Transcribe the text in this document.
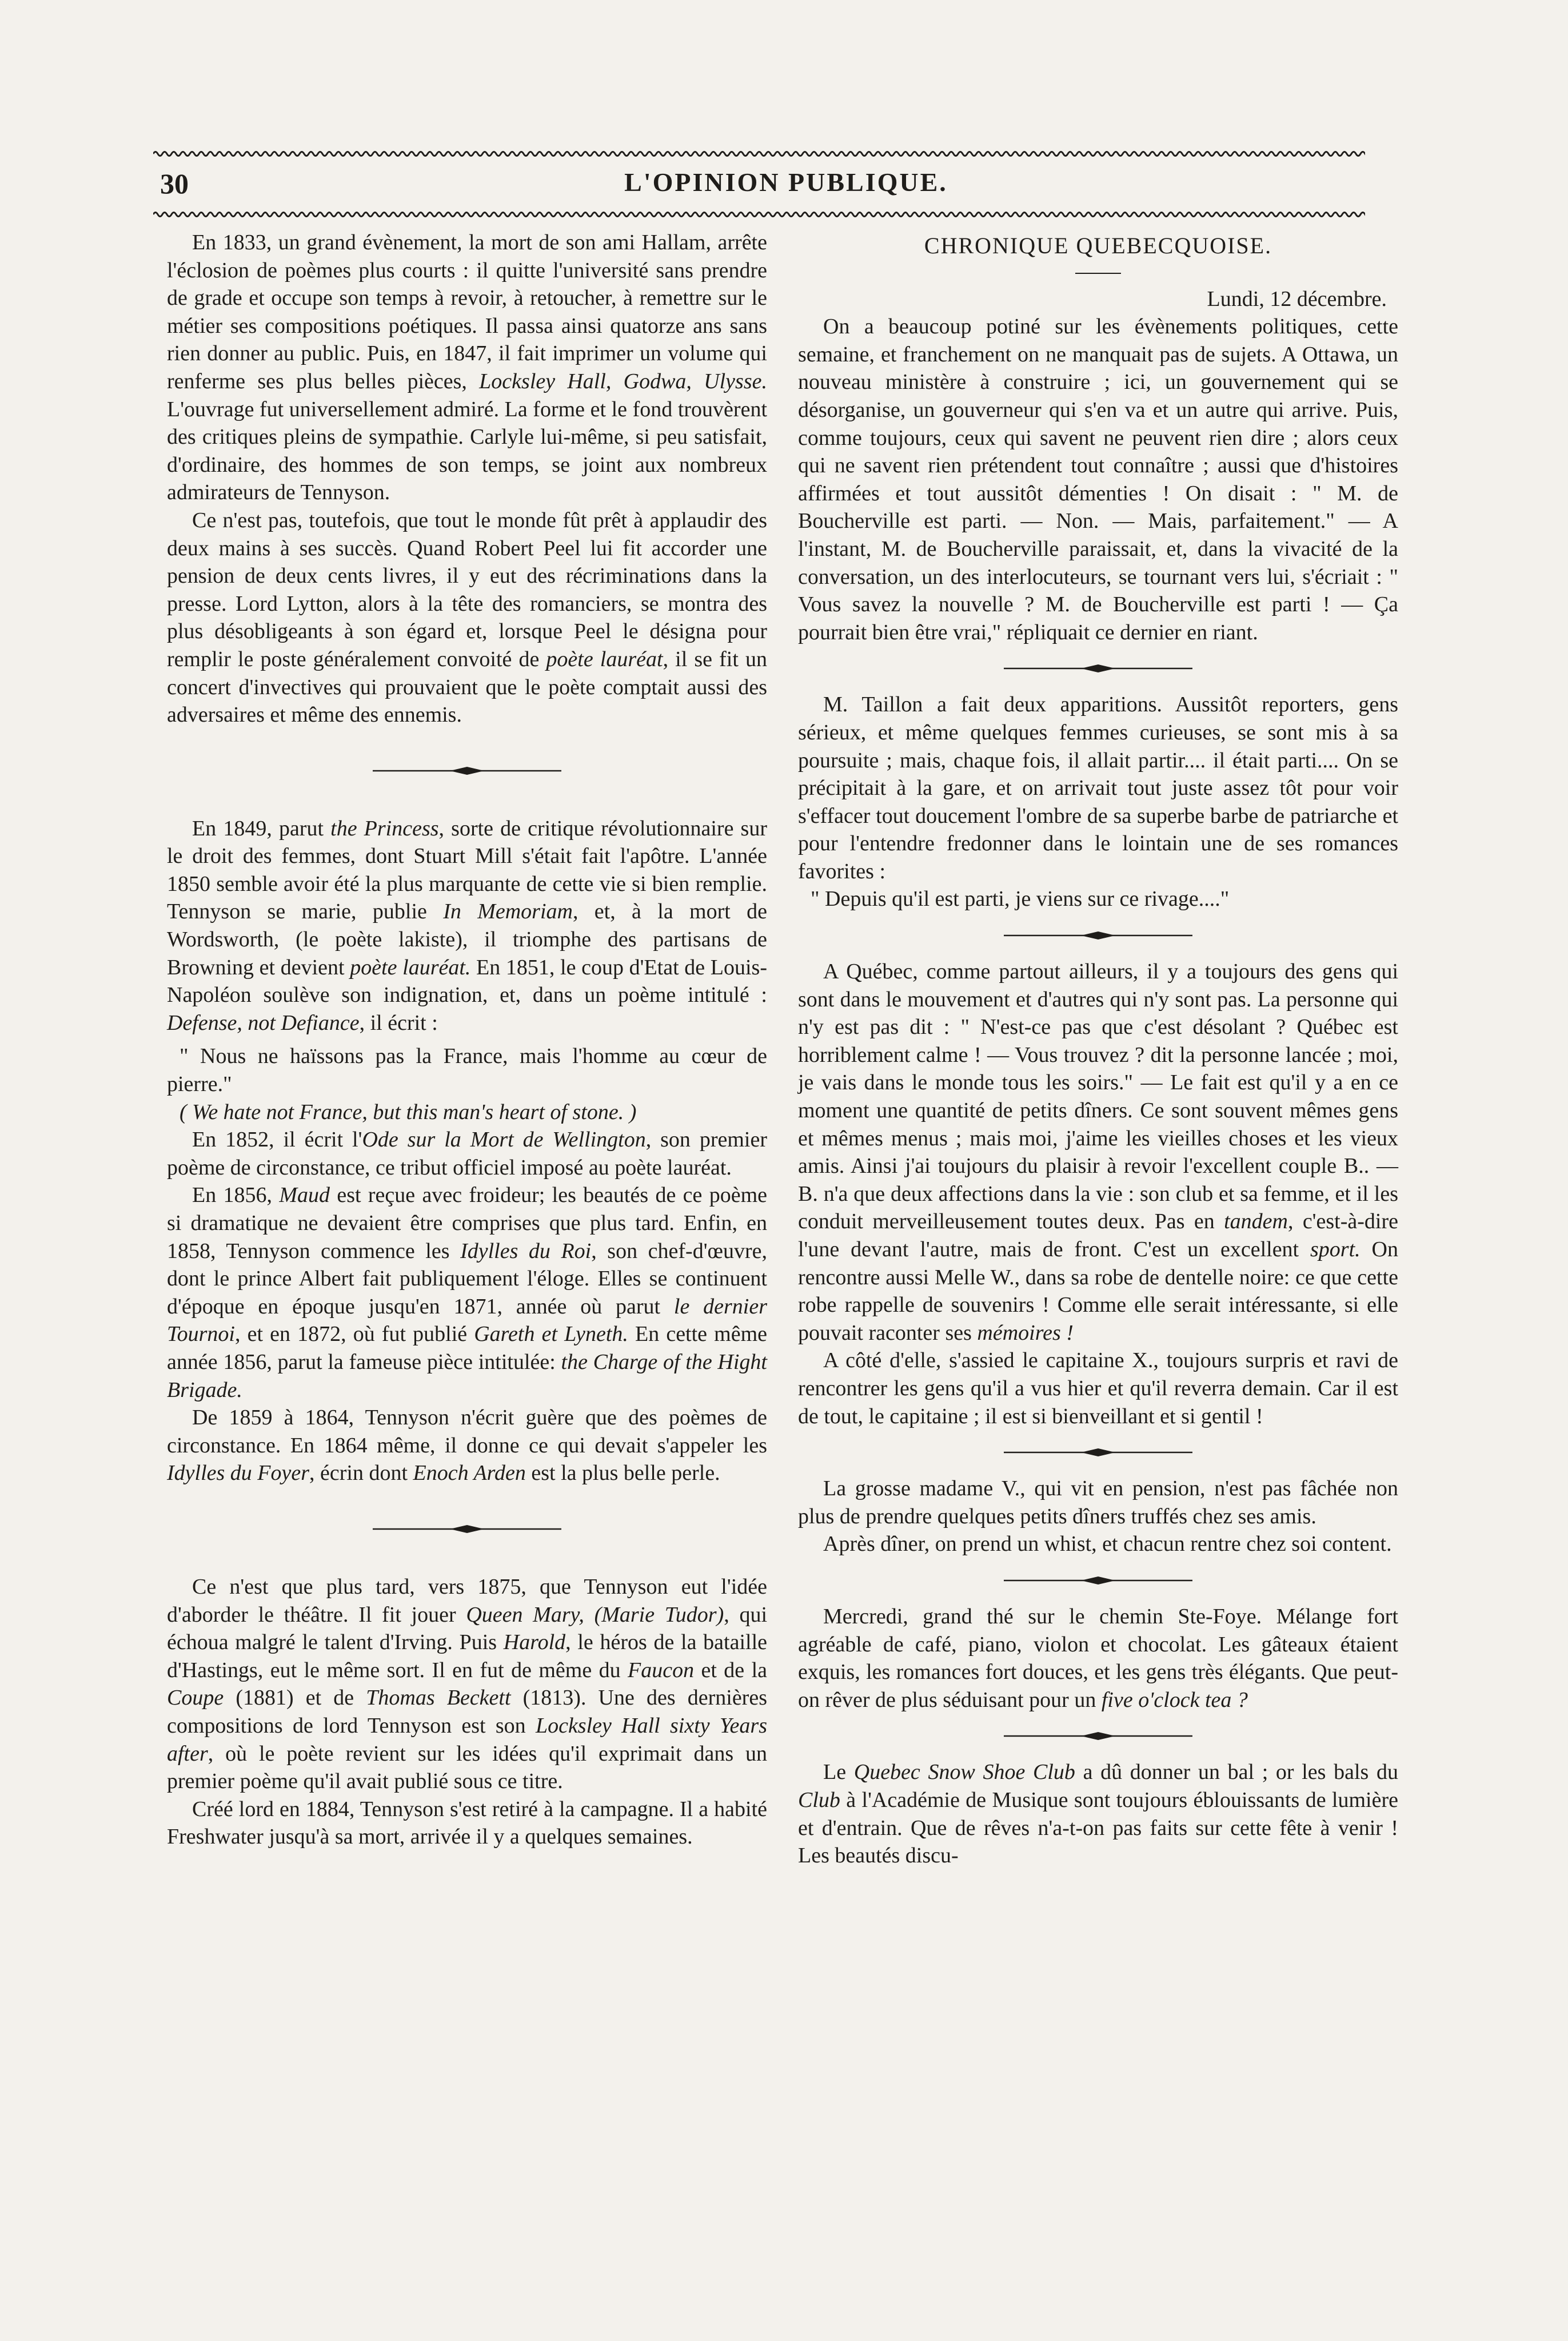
30	L'OPINION PUBLIQUE.

En 1833, un grand évènement, la mort de son ami Hallam, arrête l'éclosion de poèmes plus courts : il quitte l'université sans prendre de grade et occupe son temps à revoir, à retoucher, à remettre sur le métier ses compositions poétiques. Il passa ainsi quatorze ans sans rien donner au public. Puis, en 1847, il fait imprimer un volume qui renferme ses plus belles pièces, Locksley Hall, Godwa, Ulysse. L'ouvrage fut universellement admiré. La forme et le fond trouvèrent des critiques pleins de sympathie. Carlyle lui-même, si peu satisfait, d'ordinaire, des hommes de son temps, se joint aux nombreux admirateurs de Tennyson.

Ce n'est pas, toutefois, que tout le monde fût prêt à applaudir des deux mains à ses succès. Quand Robert Peel lui fit accorder une pension de deux cents livres, il y eut des récriminations dans la presse. Lord Lytton, alors à la tête des romanciers, se montra des plus désobligeants à son égard et, lorsque Peel le désigna pour remplir le poste généralement convoité de poète lauréat, il se fit un concert d'invectives qui prouvaient que le poète comptait aussi des adversaires et même des ennemis.

En 1849, parut the Princess, sorte de critique révolutionnaire sur le droit des femmes, dont Stuart Mill s'était fait l'apôtre. L'année 1850 semble avoir été la plus marquante de cette vie si bien remplie. Tennyson se marie, publie In Memoriam, et, à la mort de Wordsworth, (le poète lakiste), il triomphe des partisans de Browning et devient poète lauréat. En 1851, le coup d'Etat de Louis-Napoléon soulève son indignation, et, dans un poème intitulé : Defense, not Defiance, il écrit :

" Nous ne haïssons pas la France, mais l'homme au cœur de pierre."

( We hate not France, but this man's heart of stone. )

En 1852, il écrit l'Ode sur la Mort de Wellington, son premier poème de circonstance, ce tribut officiel imposé au poète lauréat.

En 1856, Maud est reçue avec froideur; les beautés de ce poème si dramatique ne devaient être comprises que plus tard. Enfin, en 1858, Tennyson commence les Idylles du Roi, son chef-d'œuvre, dont le prince Albert fait publiquement l'éloge. Elles se continuent d'époque en époque jusqu'en 1871, année où parut le dernier Tournoi, et en 1872, où fut publié Gareth et Lyneth. En cette même année 1856, parut la fameuse pièce intitulée: the Charge of the Hight Brigade.

De 1859 à 1864, Tennyson n'écrit guère que des poèmes de circonstance. En 1864 même, il donne ce qui devait s'appeler les Idylles du Foyer, écrin dont Enoch Arden est la plus belle perle.

Ce n'est que plus tard, vers 1875, que Tennyson eut l'idée d'aborder le théâtre. Il fit jouer Queen Mary, (Marie Tudor), qui échoua malgré le talent d'Irving. Puis Harold, le héros de la bataille d'Hastings, eut le même sort. Il en fut de même du Faucon et de la Coupe (1881) et de Thomas Beckett (1813). Une des dernières compositions de lord Tennyson est son Locksley Hall sixty Years after, où le poète revient sur les idées qu'il exprimait dans un premier poème qu'il avait publié sous ce titre.

Créé lord en 1884, Tennyson s'est retiré à la campagne. Il a habité Freshwater jusqu'à sa mort, arrivée il y a quelques semaines.

CHRONIQUE QUEBECQUOISE.

Lundi, 12 décembre.

On a beaucoup potiné sur les évènements politiques, cette semaine, et franchement on ne manquait pas de sujets. A Ottawa, un nouveau ministère à construire ; ici, un gouvernement qui se désorganise, un gouverneur qui s'en va et un autre qui arrive. Puis, comme toujours, ceux qui savent ne peuvent rien dire ; alors ceux qui ne savent rien prétendent tout connaître ; aussi que d'histoires affirmées et tout aussitôt démenties ! On disait : " M. de Boucherville est parti. — Non. — Mais, parfaitement." — A l'instant, M. de Boucherville paraissait, et, dans la vivacité de la conversation, un des interlocuteurs, se tournant vers lui, s'écriait : " Vous savez la nouvelle ? M. de Boucherville est parti ! — Ça pourrait bien être vrai," répliquait ce dernier en riant.

M. Taillon a fait deux apparitions. Aussitôt reporters, gens sérieux, et même quelques femmes curieuses, se sont mis à sa poursuite ; mais, chaque fois, il allait partir.... il était parti.... On se précipitait à la gare, et on arrivait tout juste assez tôt pour voir s'effacer tout doucement l'ombre de sa superbe barbe de patriarche et pour l'entendre fredonner dans le lointain une de ses romances favorites :

" Depuis qu'il est parti, je viens sur ce rivage...."

A Québec, comme partout ailleurs, il y a toujours des gens qui sont dans le mouvement et d'autres qui n'y sont pas. La personne qui n'y est pas dit : " N'est-ce pas que c'est désolant ? Québec est horriblement calme ! — Vous trouvez ? dit la personne lancée ; moi, je vais dans le monde tous les soirs." — Le fait est qu'il y a en ce moment une quantité de petits dîners. Ce sont souvent mêmes gens et mêmes menus ; mais moi, j'aime les vieilles choses et les vieux amis. Ainsi j'ai toujours du plaisir à revoir l'excellent couple B.. — B. n'a que deux affections dans la vie : son club et sa femme, et il les conduit merveilleusement toutes deux. Pas en tandem, c'est-à-dire l'une devant l'autre, mais de front. C'est un excellent sport. On rencontre aussi Melle W., dans sa robe de dentelle noire: ce que cette robe rappelle de souvenirs ! Comme elle serait intéressante, si elle pouvait raconter ses mémoires !

A côté d'elle, s'assied le capitaine X., toujours surpris et ravi de rencontrer les gens qu'il a vus hier et qu'il reverra demain. Car il est de tout, le capitaine ; il est si bienveillant et si gentil !

La grosse madame V., qui vit en pension, n'est pas fâchée non plus de prendre quelques petits dîners truffés chez ses amis.

Après dîner, on prend un whist, et chacun rentre chez soi content.

Mercredi, grand thé sur le chemin Ste-Foye. Mélange fort agréable de café, piano, violon et chocolat. Les gâteaux étaient exquis, les romances fort douces, et les gens très élégants. Que peut-on rêver de plus séduisant pour un five o'clock tea ?

Le Quebec Snow Shoe Club a dû donner un bal ; or les bals du Club à l'Académie de Musique sont toujours éblouissants de lumière et d'entrain. Que de rêves n'a-t-on pas faits sur cette fête à venir ! Les beautés discu-
